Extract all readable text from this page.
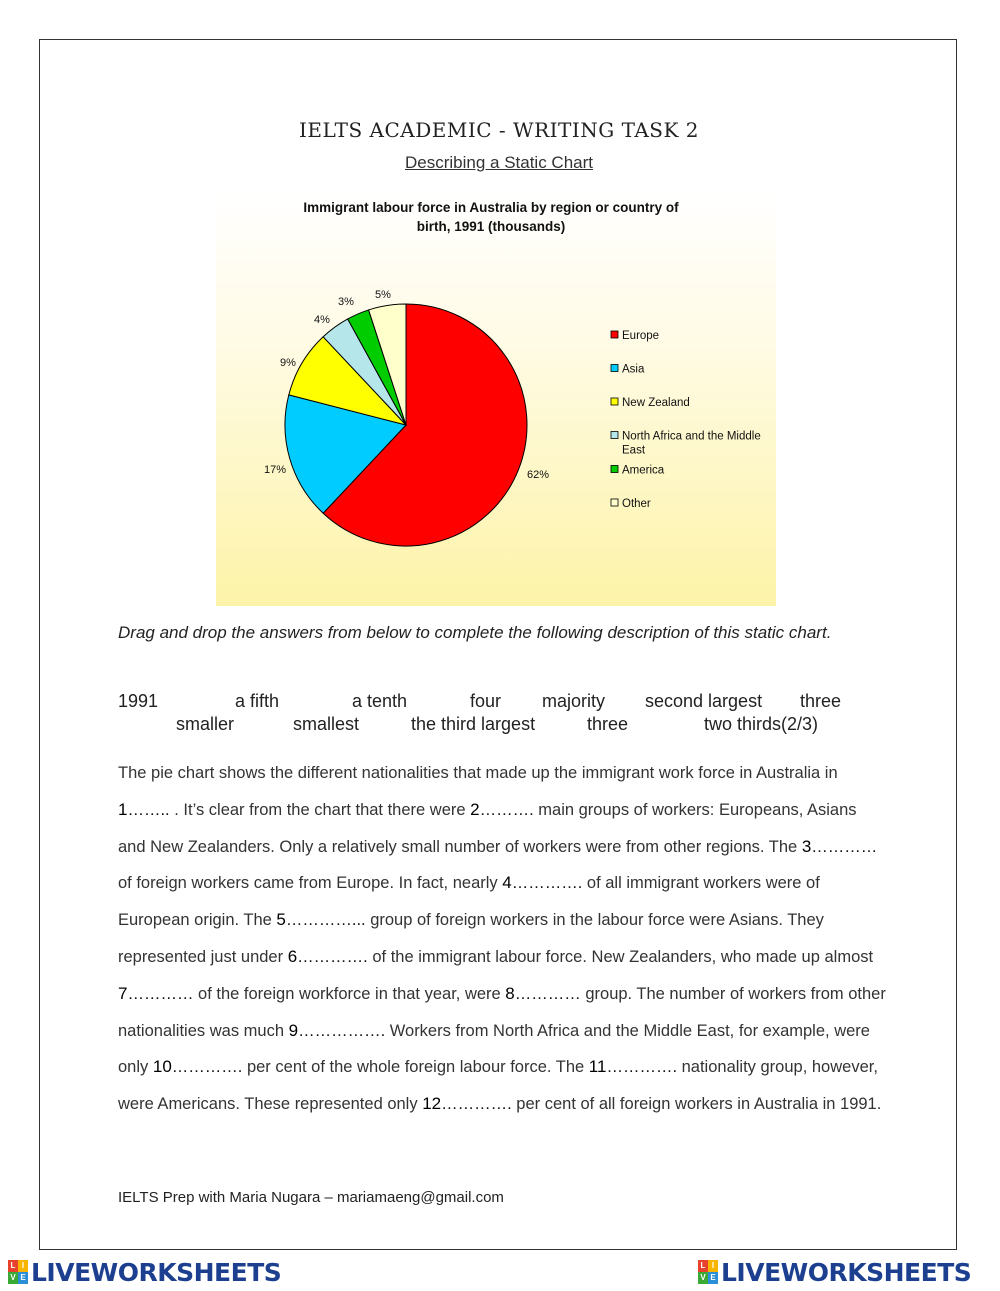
IELTS ACADEMIC - WRITING TASK 2
Describing a Static Chart
Immigrant labour force in Australia by region or country of
birth, 1991 (thousands)
62%
17%
9%
4%
3%
5%
Europe
Asia
New Zealand
North Africa and the Middle
East
America
Other
Drag and drop the answers from below to complete the following description of this static chart.
1991	a fifth	a tenth	four majority second largest three
smaller	smallest	the third largest	three	two thirds(2/3)
The pie chart shows the different nationalities that made up the immigrant work force in Australia in 1…….. . It’s clear from the chart that there were 2………. main groups of workers: Europeans, Asians and New Zealanders. Only a relatively small number of workers were from other regions. The 3………… of foreign workers came from Europe. In fact, nearly 4…………. of all immigrant workers were of European origin. The 5…………... group of foreign workers in the labour force were Asians. They represented just under 6…………. of the immigrant labour force. New Zealanders, who made up almost 7………… of the foreign workforce in that year, were 8………… group. The number of workers from other nationalities was much 9……………. Workers from North Africa and the Middle East, for example, were only 10…………. per cent of the whole foreign labour force. The 11…………. nationality group, however, were Americans. These represented only 12…………. per cent of all foreign workers in Australia in 1991.
IELTS Prep with Maria Nugara – mariamaeng@gmail.com
L I
V E LIVEWORKSHEETS	L I
V E LIVEWORKSHEETS
